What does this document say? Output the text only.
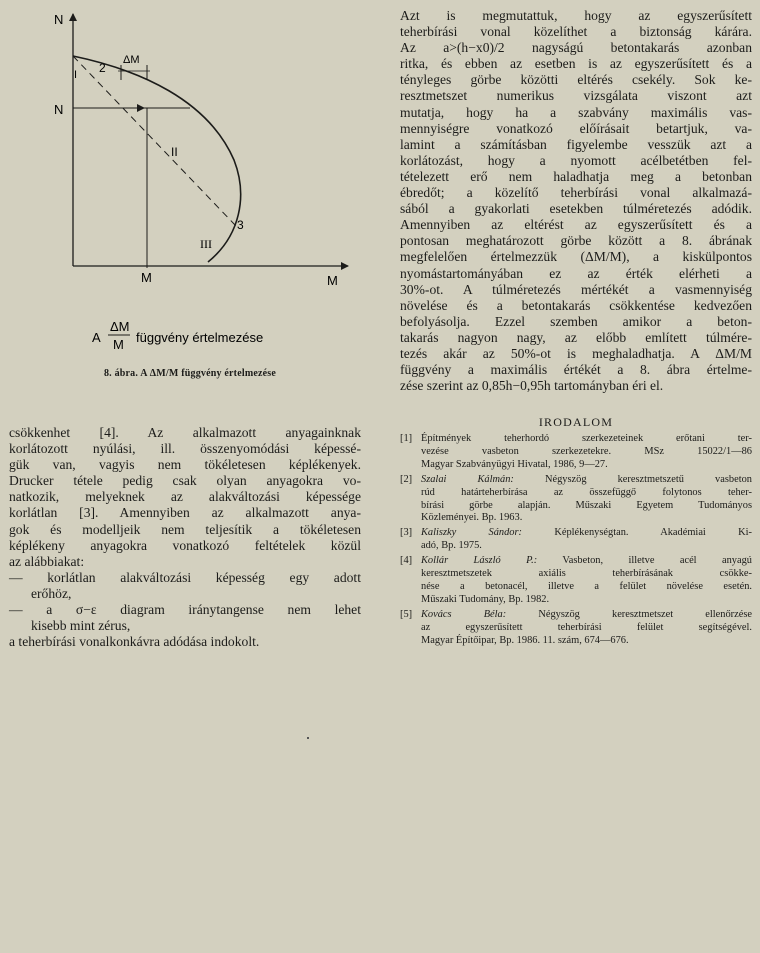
N
N
M	M
I 2
ΔM
II
3
III
A
ΔM
M függvény értelmezése
8. ábra. A ΔM/M függvény értelmezése

Azt is megmutattuk, hogy az egyszerűsített

teherbírási vonal közelíthet a biztonság kárára.

Az a>(h−x0)/2 nagyságú betontakarás azonban

ritka, és ebben az esetben is az egyszerűsített és a

tényleges görbe közötti eltérés csekély. Sok ke-

resztmetszet numerikus vizsgálata viszont azt

mutatja, hogy ha a szabvány maximális vas-

mennyiségre vonatkozó előírásait betartjuk, va-

lamint a számításban figyelembe vesszük azt a

korlátozást, hogy a nyomott acélbetétben fel-

tételezett erő nem haladhatja meg a betonban

ébredőt; a közelítő teherbírási vonal alkalmazá-

sából a gyakorlati esetekben túlméretezés adódik.

Amennyiben az eltérést az egyszerűsített és a

pontosan meghatározott görbe között a 8. ábrának

megfelelően értelmezzük (ΔM/M), a kiskülpontos

nyomástartományában ez az érték elérheti a

30%-ot. A túlméretezés mértékét a vasmennyiség

növelése és a betontakarás csökkentése kedvezően

befolyásolja. Ezzel szemben amikor a beton-

takarás nagyon nagy, az előbb említett túlmére-

tezés akár az 50%-ot is meghaladhatja. A ΔM/M

függvény a maximális értékét a 8. ábra értelme-

zése szerint az 0,85h−0,95h tartományban éri el.

csökkenhet [4]. Az alkalmazott anyagainknak

korlátozott nyúlási, ill. összenyomódási képessé-

gük van, vagyis nem tökéletesen képlékenyek.

Drucker tétele pedig csak olyan anyagokra vo-

natkozik, melyeknek az alakváltozási képessége

korlátlan [3]. Amennyiben az alkalmazott anya-

gok és modelljeik nem teljesítik a tökéletesen

képlékeny anyagokra vonatkozó feltételek közül

az alábbiakat:

— korlátlan alakváltozási képesség egy adott

erőhöz,

— a σ−ε diagram iránytangense nem lehet

kisebb mint zérus,

a teherbírási vonalkonkávra adódása indokolt.

IRODALOM

[1] Építmények teherhordó szerkezeteinek erőtani ter-

vezése vasbeton szerkezetekre. MSz 15022/1—86

Magyar Szabványügyi Hivatal, 1986, 9—27.

[2] Szalai Kálmán:	Négyszög keresztmetszetű vasbeton

rúd határteherbírása az összefüggő folytonos teher-

bírási görbe alapján. Műszaki Egyetem Tudományos

Közleményei. Bp. 1963.

[3] Kaliszky Sándor:	Képlékenységtan. Akadémiai Ki-

adó, Bp. 1975.

[4] Kollár László P.: Vasbeton, illetve acél anyagú

keresztmetszetek axiális teherbírásának csökke-

nése a betonacél, illetve a felület növelése esetén.

Műszaki Tudomány, Bp. 1982.

[5] Kovács Béla:	Négyszög keresztmetszet ellenőrzése

az egyszerűsített teherbírási felület segítségével.

Magyar Építőipar, Bp. 1986. 11. szám, 674—676.
